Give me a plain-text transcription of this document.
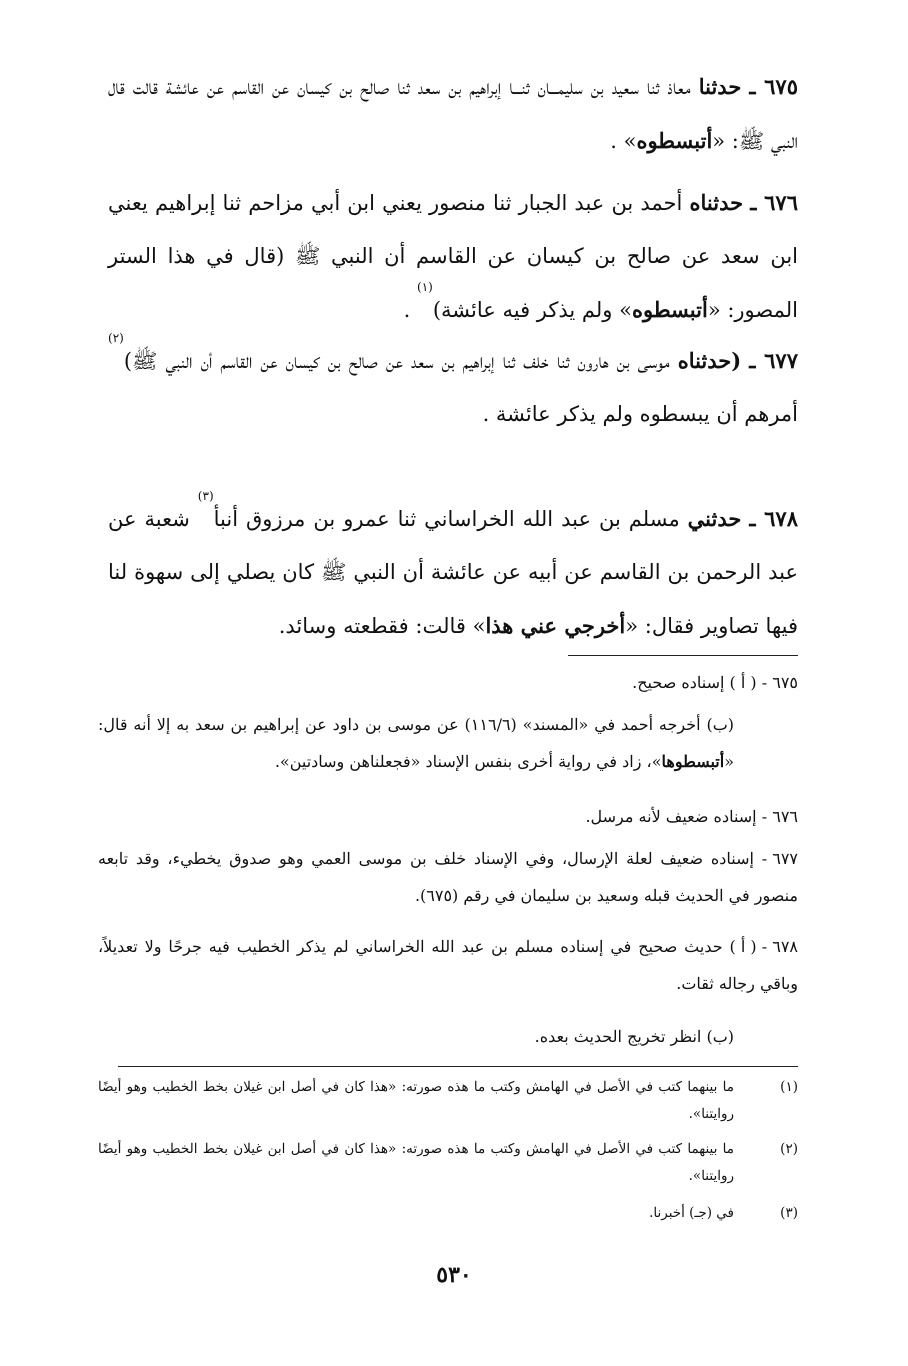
٦٧٥ ـ حدثنا معاذ ثنا سعيد بن سليمـــان ثنـــا إبراهيم بن سعد ثنا صالح بن كيسان عن القاسم عن عائشة قالت قال النبي ﷺ: «أتبسطوه» .

٦٧٦ ـ حدثناه أحمد بن عبد الجبار ثنا منصور يعني ابن أبي مزاحم ثنا إبراهيم يعني ابن سعد عن صالح بن كيسان عن القاسم أن النبي ﷺ (قال في هذا الستر المصور: «أتبسطوه» ولم يذكر فيه عائشة)$^{(١)}$ .

٦٧٧ ـ (حدثناه موسى بن هارون ثنا خلف ثنا إبراهيم بن سعد عن صالح بن كيسان عن القاسم أن النبي ﷺ)$^{(٢)}$ أمرهم أن يبسطوه ولم يذكر عائشة .

٦٧٨ ـ حدثني مسلم بن عبد الله الخراساني ثنا عمرو بن مرزوق أنبأ$^{(٣)}$ شعبة عن عبد الرحمن بن القاسم عن أبيه عن عائشة أن النبي ﷺ كان يصلي إلى سهوة لنا فيها تصاوير فقال: «أخرجي عني هذا» قالت: فقطعته وسائد.

٦٧٥ - ( أ ) إسناده صحيح.
(ب) أخرجه أحمد في «المسند» (١١٦/٦) عن موسى بن داود عن إبراهيم بن سعد به إلا أنه قال: «أتبسطوها»، زاد في رواية أخرى بنفس الإسناد «فجعلناهن وسادتين».
٦٧٦ - إسناده ضعيف لأنه مرسل.
٦٧٧ - إسناده ضعيف لعلة الإرسال، وفي الإسناد خلف بن موسى العمي وهو صدوق يخطيء، وقد تابعه منصور في الحديث قبله وسعيد بن سليمان في رقم (٦٧٥).
٦٧٨ - ( أ ) حديث صحيح في إسناده مسلم بن عبد الله الخراساني لم يذكر الخطيب فيه جرحًا ولا تعديلاً، وباقي رجاله ثقات.
(ب) انظر تخريج الحديث بعده.
(١)
ما بينهما كتب في الأصل في الهامش وكتب ما هذه صورته: «هذا كان في أصل ابن غيلان بخط الخطيب وهو أيضًا روايتنا».
(٢)
ما بينهما كتب في الأصل في الهامش وكتب ما هذه صورته: «هذا كان في أصل ابن غيلان بخط الخطيب وهو أيضًا روايتنا».
(٣)
في (جـ) أخبرنا.
٥٣٠
